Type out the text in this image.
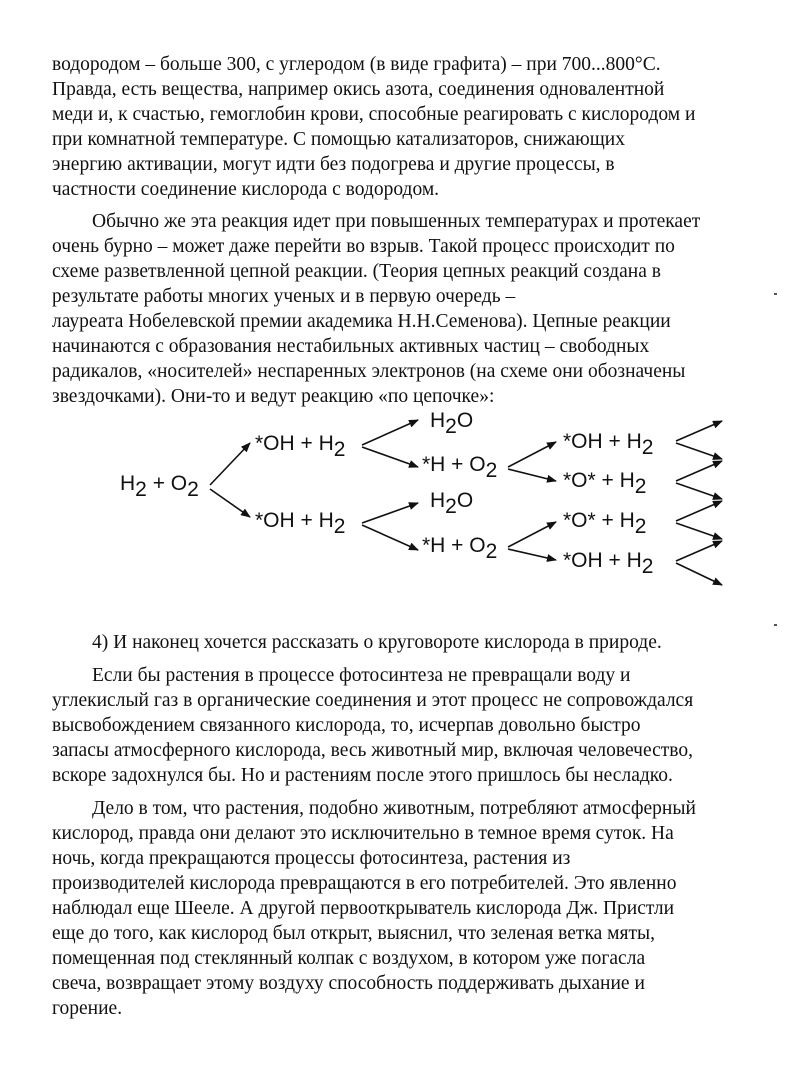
водородом – больше 300, с углеродом (в виде графита) – при 700...800°С.
Правда, есть вещества, например окись азота, соединения одновалентной
меди и, к счастью, гемоглобин крови, способные реагировать с кислородом и
при комнатной температуре. С помощью катализаторов, снижающих
энергию активации, могут идти без подогрева и другие процессы, в
частности соединение кислорода с водородом.
Обычно же эта реакция идет при повышенных температурах и протекает
очень бурно – может даже перейти во взрыв. Такой процесс происходит по
схеме разветвленной цепной реакции. (Теория цепных реакций создана в
результате работы многих ученых и в первую очередь –
лауреата Нобелевской премии академика Н.Н.Семенова). Цепные реакции
начинаются с образования нестабильных активных частиц – свободных
радикалов, «носителей» неспаренных электронов (на схеме они обозначены
звездочками). Они-то и ведут реакцию «по цепочке»:
H2 + O2
*OH + H2
*OH + H2
H2O
H2O
*H + O2
*H + O2
*OH + H2
*O* + H2
*O* + H2
*OH + H2
4) И наконец хочется рассказать о круговороте кислорода в природе.
Если бы растения в процессе фотосинтеза не превращали воду и
углекислый газ в органические соединения и этот процесс не сопровождался
высвобождением связанного кислорода, то, исчерпав довольно быстро
запасы атмосферного кислорода, весь животный мир, включая человечество,
вскоре задохнулся бы. Но и растениям после этого пришлось бы несладко.
Дело в том, что растения, подобно животным, потребляют атмосферный
кислород, правда они делают это исключительно в темное время суток. На
ночь, когда прекращаются процессы фотосинтеза, растения из
производителей кислорода превращаются в его потребителей. Это явленно
наблюдал еще Шееле. А другой первооткрыватель кислорода Дж. Пристли
еще до того, как кислород был открыт, выяснил, что зеленая ветка мяты,
помещенная под стеклянный колпак с воздухом, в котором уже погасла
свеча, возвращает этому воздуху способность поддерживать дыхание и
горение.
